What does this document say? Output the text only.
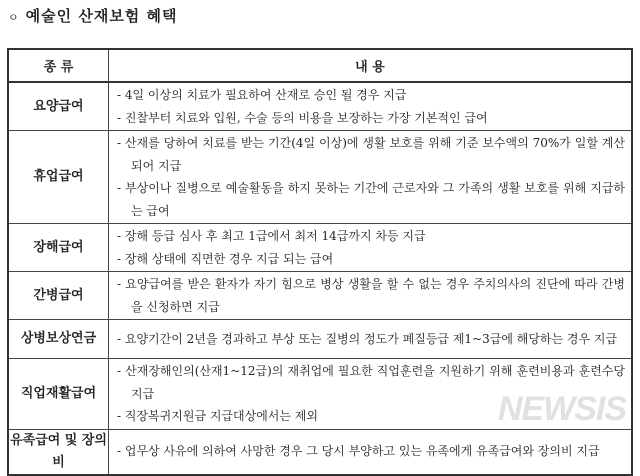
ㅇ 예술인 산재보험 혜택
종 류	내 용
요양급여	- 4일 이상의 치료가 필요하여 산재로 승인 될 경우 지급
- 진찰부터 치료와 입원, 수술 등의 비용을 보장하는 가장 기본적인 급여

휴업급여	- 산재를 당하여 치료를 받는 기간(4일 이상)에 생활 보호를 위해 기준 보수액의 70%가 일할 계산되어 지급
- 부상이나 질병으로 예술활동을 하지 못하는 기간에 근로자와 그 가족의 생활 보호를 위해 지급하는 급여

장해급여	- 장해 등급 심사 후 최고 1급에서 최저 14급까지 차등 지급
- 장해 상태에 직면한 경우 지급 되는 급여

간병급여	- 요양급여를 받은 환자가 자기 힘으로 병상 생활을 할 수 없는 경우 주치의사의 진단에 따라 간병을 신청하면 지급

상병보상연금	- 요양기간이 2년을 경과하고 부상 또는 질병의 정도가 폐질등급 제1~3급에 해당하는 경우 지급

직업재활급여	- 산재장해인의(산재1~12급)의 재취업에 필요한 직업훈련을 지원하기 위해 훈련비용과 훈련수당 지급
- 직장복귀지원금 지급대상에서는 제외

유족급여 및 장의비	- 업무상 사유에 의하여 사망한 경우 그 당시 부양하고 있는 유족에게 유족급여와 장의비 지급
NEWSIS
